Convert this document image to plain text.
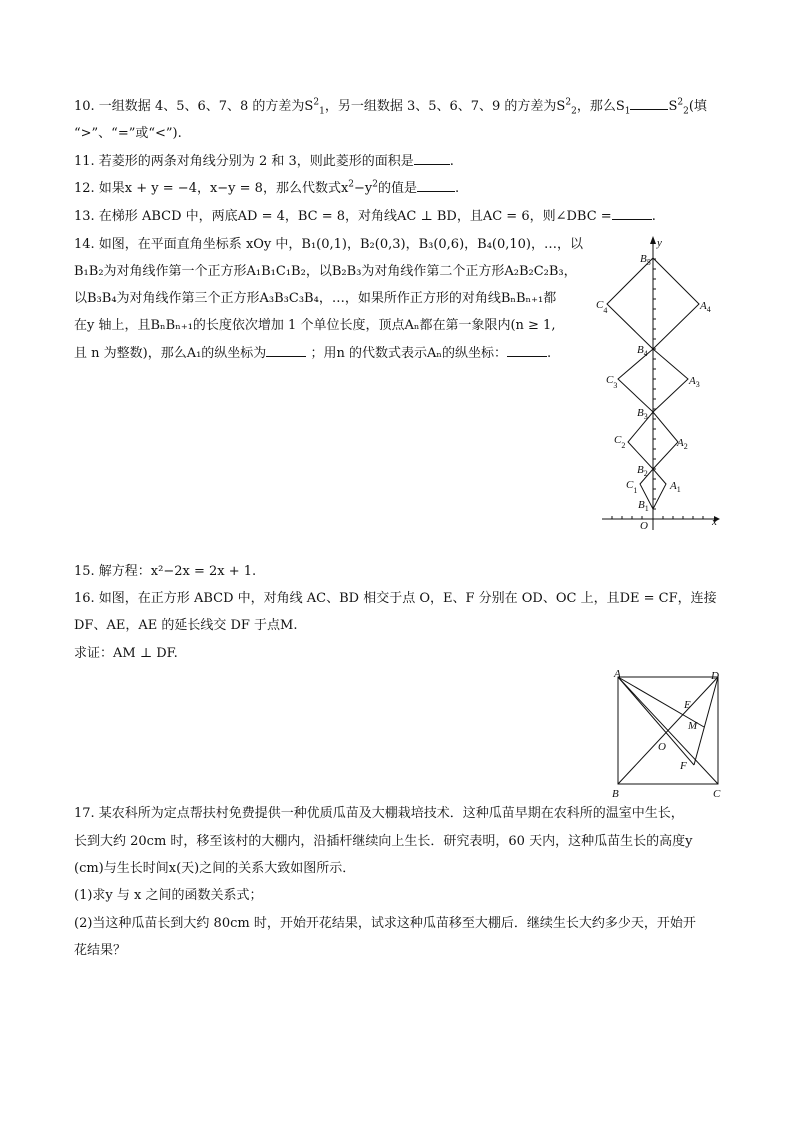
10. 一组数据 4、5、6、7、8 的方差为$S^2_1$，另一组数据 3、5、6、7、9 的方差为$S^2_2$，那么$S_1$	$S^2_2$(填
“>”、“=”或“<”).
11. 若菱形的两条对角线分别为 2 和 3，则此菱形的面积是	.
12. 如果x + y = −4，x−y = 8，那么代数式$x^2-y^2$的值是	.
13. 在梯形 ABCD 中，两底AD = 4，BC = 8，对角线AC ⊥ BD，且AC = 6，则∠DBC =	.
14. 如图，在平面直角坐标系 xOy 中，B₁(0,1)，B₂(0,3)，B₃(0,6)，B₄(0,10)，…，以
B₁B₂为对角线作第一个正方形A₁B₁C₁B₂，以B₂B₃为对角线作第二个正方形A₂B₂C₂B₃，
以B₃B₄为对角线作第三个正方形A₃B₃C₃B₄，…，如果所作正方形的对角线BₙBₙ₊₁都
在y 轴上，且BₙBₙ₊₁的长度依次增加 1 个单位长度，顶点Aₙ都在第一象限内(n ≥ 1,
且 n 为整数)，那么A₁的纵坐标为	；用n 的代数式表示Aₙ的纵坐标：	.
x
y
O
$B_1$
$B_2$
$B_3$
$B_4$
$B_5$
$A_1$
$A_2$
$A_3$
$A_4$
$C_1$
$C_2$
$C_3$
$C_4$
15. 解方程：x²−2x = 2x + 1.
16. 如图，在正方形 ABCD 中，对角线 AC、BD 相交于点 O，E、F 分别在 OD、OC 上，且DE = CF，连接
DF、AE，AE 的延长线交 DF 于点M.
求证：AM ⊥ DF.
A	D
B	C
E
M
O
F
17. 某农科所为定点帮扶村免费提供一种优质瓜苗及大棚栽培技术．这种瓜苗早期在农科所的温室中生长，
长到大约 20cm 时，移至该村的大棚内，沿插杆继续向上生长．研究表明，60 天内，这种瓜苗生长的高度y
(cm)与生长时间x(天)之间的关系大致如图所示．
(1)求y 与 x 之间的函数关系式；
(2)当这种瓜苗长到大约 80cm 时，开始开花结果，试求这种瓜苗移至大棚后．继续生长大约多少天，开始开
花结果？
